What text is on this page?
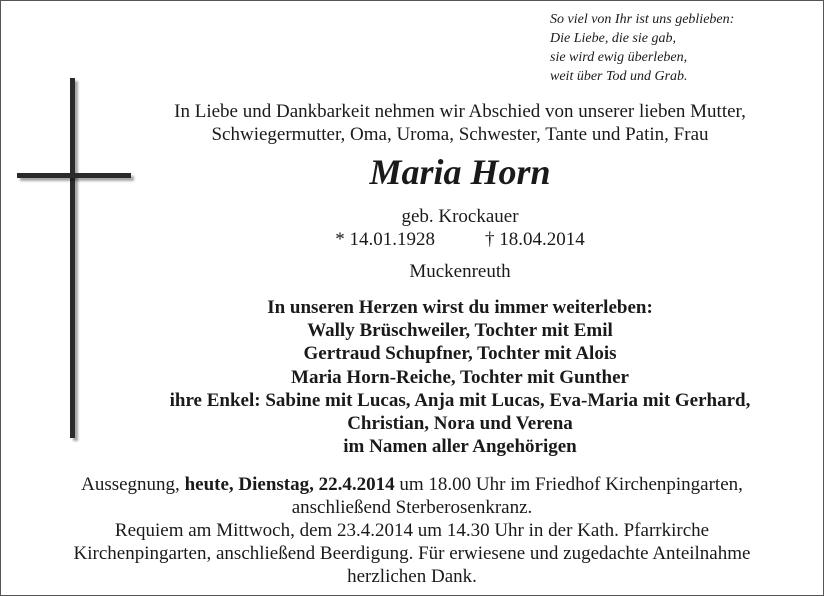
So viel von Ihr ist uns geblieben:
Die Liebe, die sie gab,
sie wird ewig überleben,
weit über Tod und Grab.
In Liebe und Dankbarkeit nehmen wir Abschied von unserer lieben Mutter,
Schwiegermutter, Oma, Uroma, Schwester, Tante und Patin, Frau
Maria Horn
geb. Krockauer
* 14.01.1928	† 18.04.2014
Muckenreuth
In unseren Herzen wirst du immer weiterleben:
Wally Brüschweiler, Tochter mit Emil
Gertraud Schupfner, Tochter mit Alois
Maria Horn-Reiche, Tochter mit Gunther
ihre Enkel: Sabine mit Lucas, Anja mit Lucas, Eva-Maria mit Gerhard,
Christian, Nora und Verena
im Namen aller Angehörigen
Aussegnung, heute, Dienstag, 22.4.2014 um 18.00 Uhr im Friedhof Kirchenpingarten,
anschließend Sterberosenkranz.
Requiem am Mittwoch, dem 23.4.2014 um 14.30 Uhr in der Kath. Pfarrkirche
Kirchenpingarten, anschließend Beerdigung. Für erwiesene und zugedachte Anteilnahme
herzlichen Dank.
